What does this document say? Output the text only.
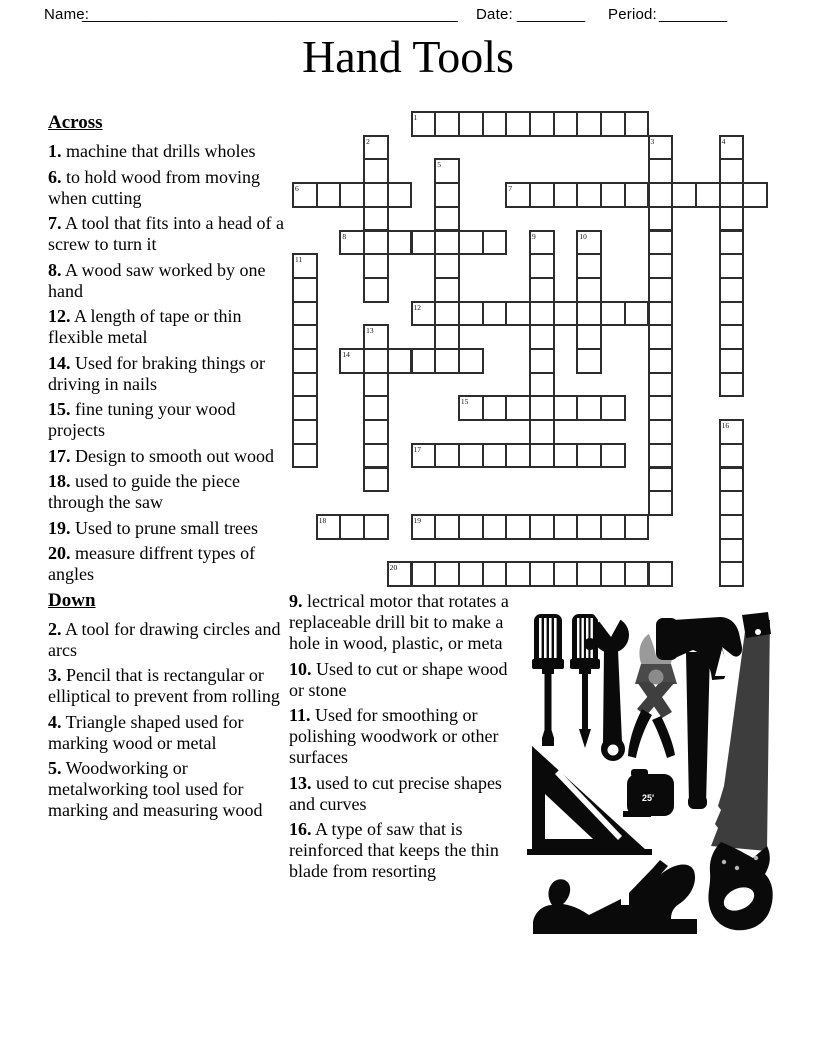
Name:
____________________________________________ Date: ________ Period: ________
Hand Tools
1
2	3	4
5
6	7
8	9	10
11
12
13
14
15
16
17
18	19
20
Across

1. machine that drills wholes

6. to hold wood from moving when cutting

7. A tool that fits into a head of a screw to turn it

8. A wood saw worked by one hand

12. A length of tape or thin flexible metal

14. Used for braking things or driving in nails

15. fine tuning your wood projects

17. Design to smooth out wood

18. used to guide the piece through the saw

19. Used to prune small trees

20. measure diffrent types of angles

Down

2. A tool for drawing circles and arcs

3. Pencil that is rectangular or elliptical to prevent from rolling

4. Triangle shaped used for marking wood or metal

5. Woodworking or metalworking tool used for marking and measuring wood

9. lectrical motor that rotates a replaceable drill bit to make a hole in wood, plastic, or meta

10. Used to cut or shape wood or stone

11. Used for smoothing or polishing woodwork or other surfaces

13. used to cut precise shapes and curves

16. A type of saw that is reinforced that keeps the thin blade from resorting

25'
